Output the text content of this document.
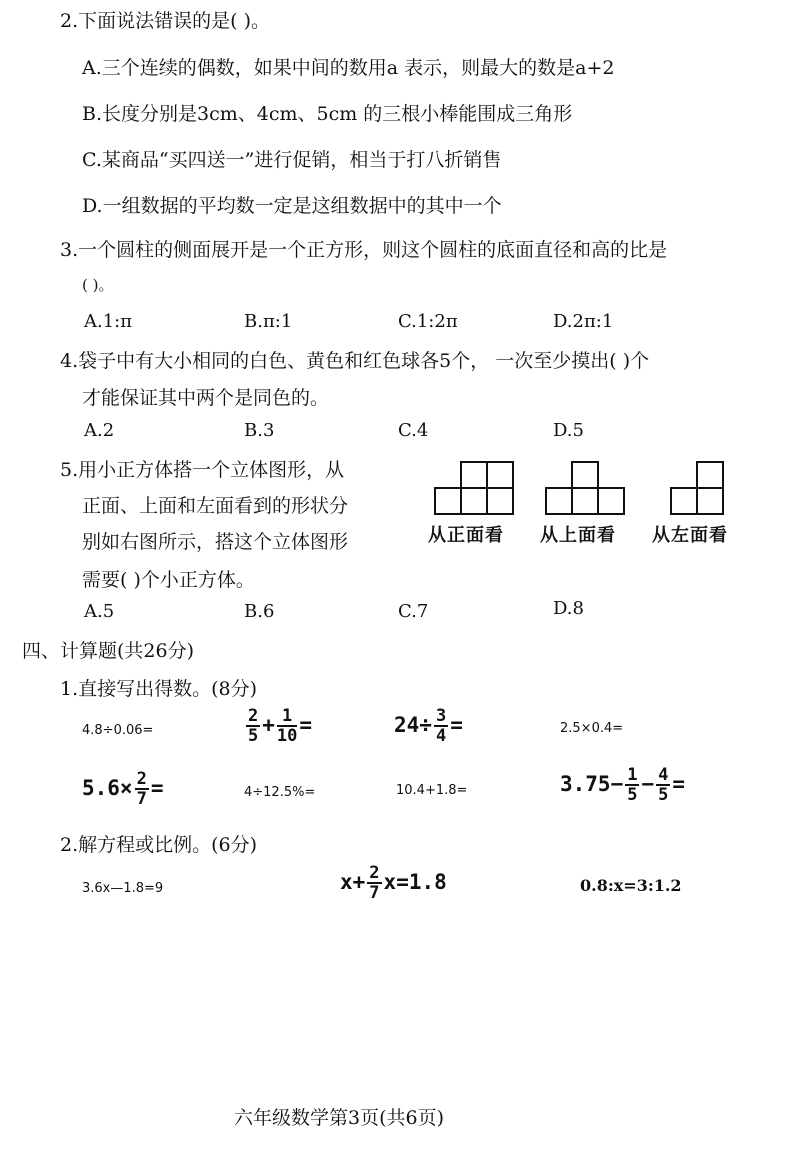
2.下面说法错误的是( )。
A.三个连续的偶数，如果中间的数用a 表示，则最大的数是a+2
B.长度分别是3cm、4cm、5cm 的三根小棒能围成三角形
C.某商品“买四送一”进行促销，相当于打八折销售
D.一组数据的平均数一定是这组数据中的其中一个
3.一个圆柱的侧面展开是一个正方形，则这个圆柱的底面直径和高的比是
( )。
A.1:π	B.π:1	C.1:2π	D.2π:1
4.袋子中有大小相同的白色、黄色和红色球各5个， 一次至少摸出( )个
才能保证其中两个是同色的。
A.2	B.3	C.4	D.5
5.用小正方体搭一个立体图形，从
正面、上面和左面看到的形状分
别如右图所示，搭这个立体图形
需要( )个小正方体。
从正面看 从上面看 从左面看
A.5	B.6	C.7	D.8
四、计算题(共26分)
1.直接写出得数。(8分)
4.8÷0.06=	$\frac{2}{5} + \frac{1}{10}$ =	$24\div \frac{3}{4}$ =	2.5×0.4=
$5.6\times \frac{2}{7}$ =	4÷12.5%=	10.4+1.8=	$3.75- \frac{1}{5} - \frac{4}{5}$ =
2.解方程或比例。(6分)
3.6x—1.8=9	$x+ \frac{2}{7} x=1.8$	0.8:x=3:1.2
六年级数学第3页(共6页)
